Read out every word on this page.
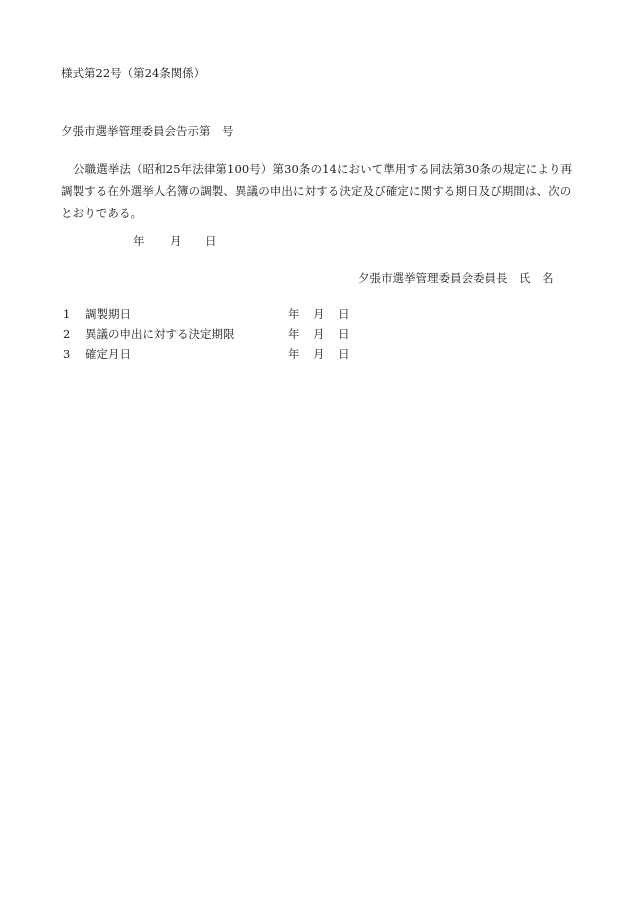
様式第22号（第24条関係）
夕張市選挙管理委員会告示第　号
公職選挙法（昭和25年法律第100号）第30条の14において準用する同法第30条の規定により再調製する在外選挙人名簿の調製、異議の申出に対する決定及び確定に関する期日及び期間は、次のとおりである。
年 月 日
夕張市選挙管理委員会委員長　氏　名
1 調製期日	年 月 日
2 異議の申出に対する決定期限	年 月 日
3 確定月日	年 月 日
